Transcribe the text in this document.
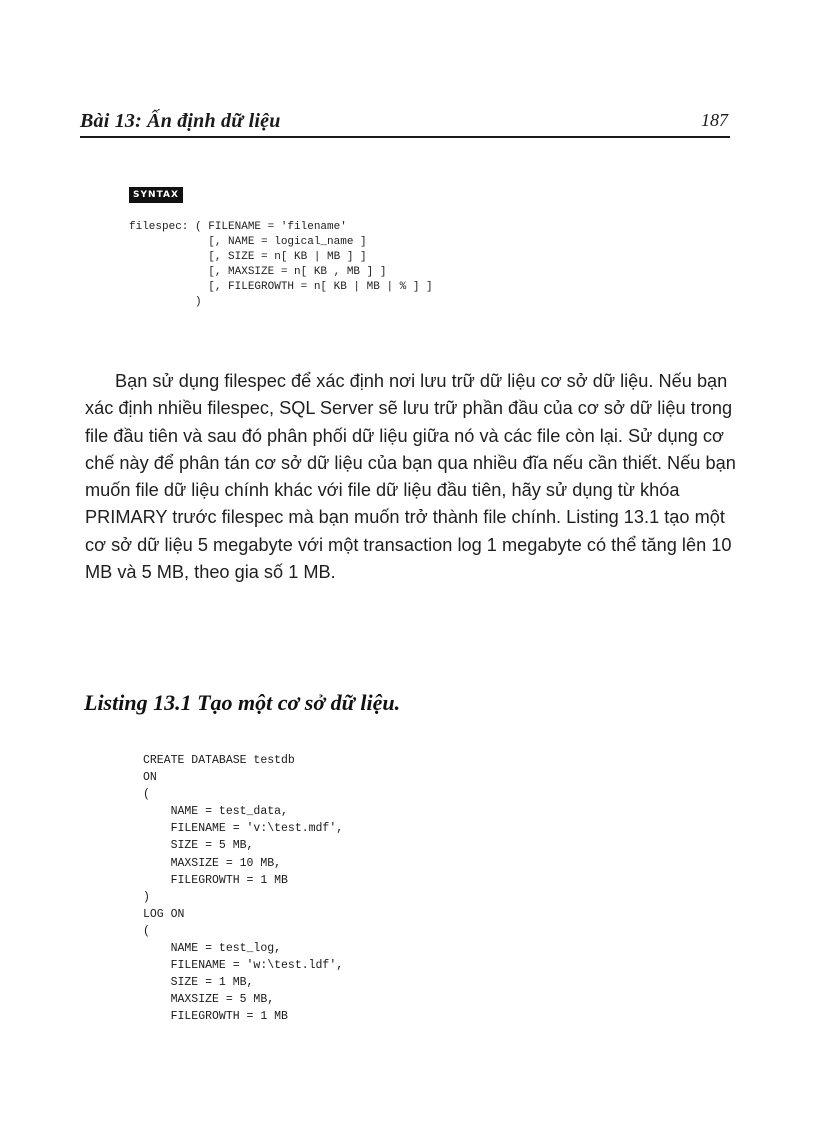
Bài 13: Ấn định dữ liệu	187
SYNTAX
filespec: ( FILENAME = 'filename'
[, NAME = logical_name ]
[, SIZE = n[ KB | MB ] ]
[, MAXSIZE = n[ KB , MB ] ]
[, FILEGROWTH = n[ KB | MB | % ] ]
)

Bạn sử dụng filespec để xác định nơi lưu trữ dữ liệu cơ sở dữ liệu. Nếu bạn xác định nhiều filespec, SQL Server sẽ lưu trữ phần đầu của cơ sở dữ liệu trong file đầu tiên và sau đó phân phối dữ liệu giữa nó và các file còn lại. Sử dụng cơ chế này để phân tán cơ sở dữ liệu của bạn qua nhiều đĩa nếu cần thiết. Nếu bạn muốn file dữ liệu chính khác với file dữ liệu đầu tiên, hãy sử dụng từ khóa PRIMARY trước filespec mà bạn muốn trở thành file chính. Listing 13.1 tạo một cơ sở dữ liệu 5 megabyte với một transaction log 1 megabyte có thể tăng lên 10 MB và 5 MB, theo gia số 1 MB.

Listing 13.1 Tạo một cơ sở dữ liệu.
CREATE DATABASE testdb
ON
(
NAME = test_data,
FILENAME = 'v:\test.mdf',
SIZE = 5 MB,
MAXSIZE = 10 MB,
FILEGROWTH = 1 MB
)
LOG ON
(
NAME = test_log,
FILENAME = 'w:\test.ldf',
SIZE = 1 MB,
MAXSIZE = 5 MB,
FILEGROWTH = 1 MB
